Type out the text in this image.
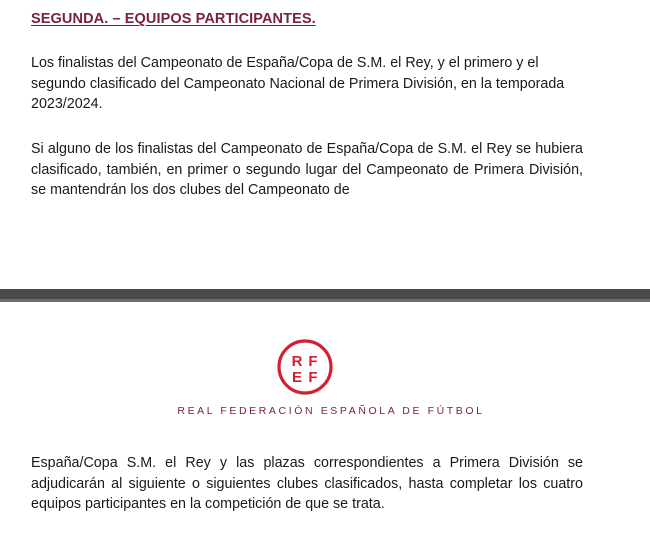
SEGUNDA. – EQUIPOS PARTICIPANTES.

Los finalistas del Campeonato de España/Copa de S.M. el Rey, y el primero y el segundo clasificado del Campeonato Nacional de Primera División, en la temporada 2023/2024.

Si alguno de los finalistas del Campeonato de España/Copa de S.M. el Rey se hubiera clasificado, también, en primer o segundo lugar del Campeonato de Primera División, se mantendrán los dos clubes del Campeonato de

R F
E F
REAL FEDERACIÓN ESPAÑOLA DE FÚTBOL

España/Copa S.M. el Rey y las plazas correspondientes a Primera División se adjudicarán al siguiente o siguientes clubes clasificados, hasta completar los cuatro equipos participantes en la competición de que se trata.
